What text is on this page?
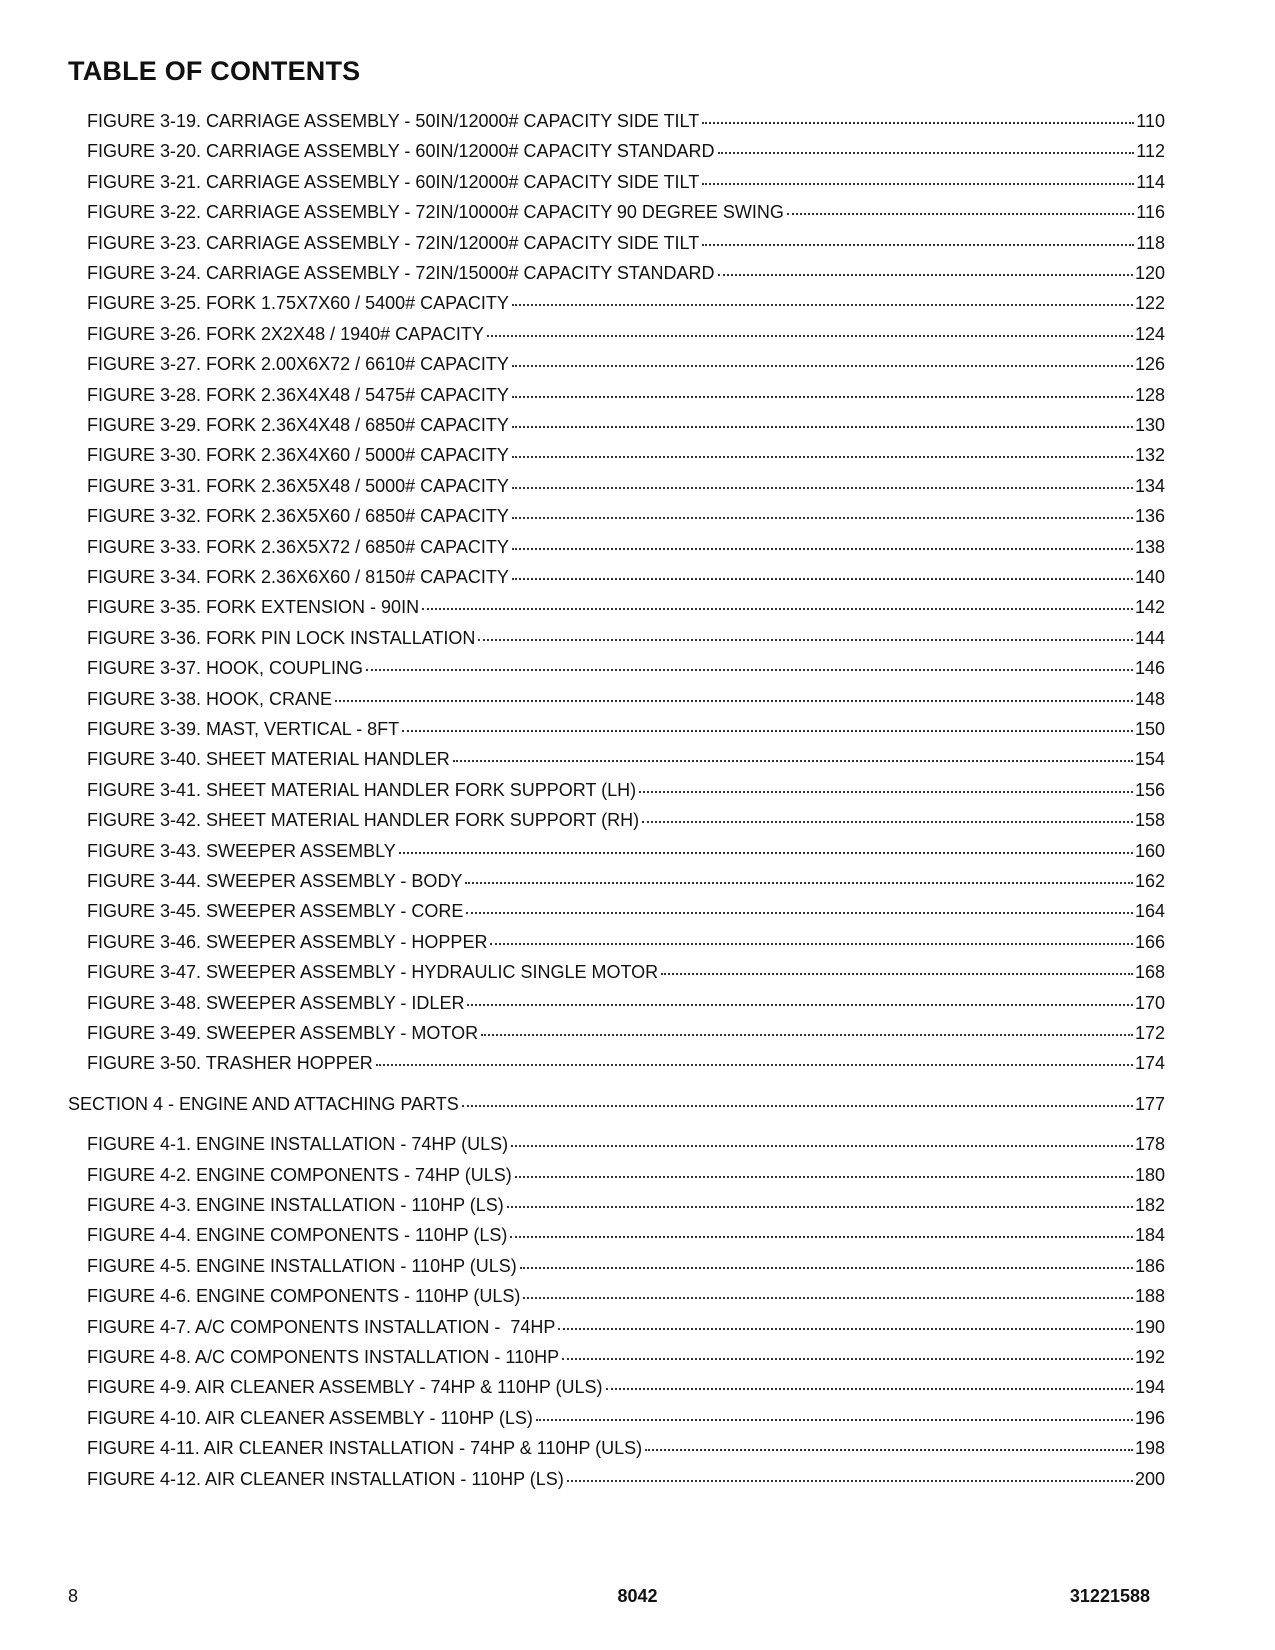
TABLE OF CONTENTS
FIGURE 3-19. CARRIAGE ASSEMBLY - 50IN/12000# CAPACITY SIDE TILT	110
FIGURE 3-20. CARRIAGE ASSEMBLY - 60IN/12000# CAPACITY STANDARD	112
FIGURE 3-21. CARRIAGE ASSEMBLY - 60IN/12000# CAPACITY SIDE TILT	114
FIGURE 3-22. CARRIAGE ASSEMBLY - 72IN/10000# CAPACITY 90 DEGREE SWING	116
FIGURE 3-23. CARRIAGE ASSEMBLY - 72IN/12000# CAPACITY SIDE TILT	118
FIGURE 3-24. CARRIAGE ASSEMBLY - 72IN/15000# CAPACITY STANDARD	120
FIGURE 3-25. FORK 1.75X7X60 / 5400# CAPACITY	122
FIGURE 3-26. FORK 2X2X48 / 1940# CAPACITY	124
FIGURE 3-27. FORK 2.00X6X72 / 6610# CAPACITY	126
FIGURE 3-28. FORK 2.36X4X48 / 5475# CAPACITY	128
FIGURE 3-29. FORK 2.36X4X48 / 6850# CAPACITY	130
FIGURE 3-30. FORK 2.36X4X60 / 5000# CAPACITY	132
FIGURE 3-31. FORK 2.36X5X48 / 5000# CAPACITY	134
FIGURE 3-32. FORK 2.36X5X60 / 6850# CAPACITY	136
FIGURE 3-33. FORK 2.36X5X72 / 6850# CAPACITY	138
FIGURE 3-34. FORK 2.36X6X60 / 8150# CAPACITY	140
FIGURE 3-35. FORK EXTENSION - 90IN	142
FIGURE 3-36. FORK PIN LOCK INSTALLATION	144
FIGURE 3-37. HOOK, COUPLING	146
FIGURE 3-38. HOOK, CRANE	148
FIGURE 3-39. MAST, VERTICAL - 8FT	150
FIGURE 3-40. SHEET MATERIAL HANDLER	154
FIGURE 3-41. SHEET MATERIAL HANDLER FORK SUPPORT (LH)	156
FIGURE 3-42. SHEET MATERIAL HANDLER FORK SUPPORT (RH)	158
FIGURE 3-43. SWEEPER ASSEMBLY	160
FIGURE 3-44. SWEEPER ASSEMBLY - BODY	162
FIGURE 3-45. SWEEPER ASSEMBLY - CORE	164
FIGURE 3-46. SWEEPER ASSEMBLY - HOPPER	166
FIGURE 3-47. SWEEPER ASSEMBLY - HYDRAULIC SINGLE MOTOR	168
FIGURE 3-48. SWEEPER ASSEMBLY - IDLER	170
FIGURE 3-49. SWEEPER ASSEMBLY - MOTOR	172
FIGURE 3-50. TRASHER HOPPER	174
SECTION 4 - ENGINE AND ATTACHING PARTS	177
FIGURE 4-1. ENGINE INSTALLATION - 74HP (ULS)	178
FIGURE 4-2. ENGINE COMPONENTS - 74HP (ULS)	180
FIGURE 4-3. ENGINE INSTALLATION - 110HP (LS)	182
FIGURE 4-4. ENGINE COMPONENTS - 110HP (LS)	184
FIGURE 4-5. ENGINE INSTALLATION - 110HP (ULS)	186
FIGURE 4-6. ENGINE COMPONENTS - 110HP (ULS)	188
FIGURE 4-7. A/C COMPONENTS INSTALLATION -  74HP	190
FIGURE 4-8. A/C COMPONENTS INSTALLATION - 110HP	192
FIGURE 4-9. AIR CLEANER ASSEMBLY - 74HP & 110HP (ULS)	194
FIGURE 4-10. AIR CLEANER ASSEMBLY - 110HP (LS)	196
FIGURE 4-11. AIR CLEANER INSTALLATION - 74HP & 110HP (ULS)	198
FIGURE 4-12. AIR CLEANER INSTALLATION - 110HP (LS)	200
8	8042	31221588
